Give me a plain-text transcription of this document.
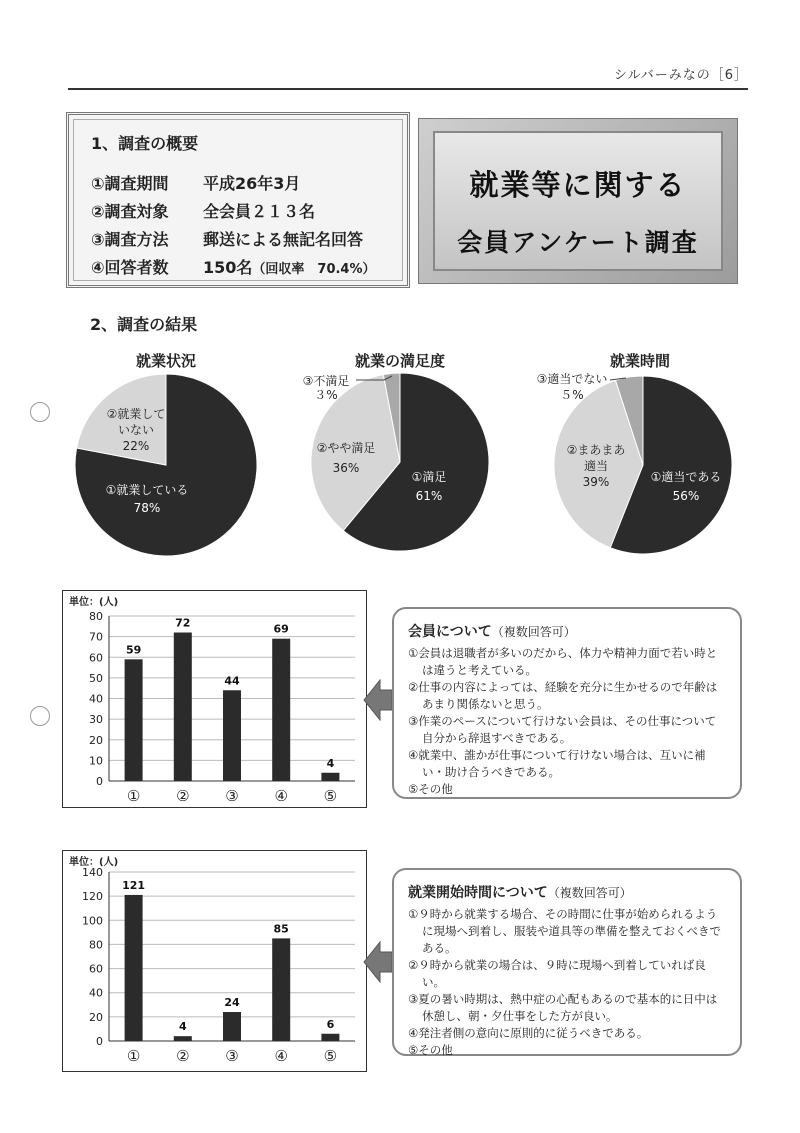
シルバーみなの［6］
1、調査の概要
①調査期間 平成26年3月
②調査対象 全会員２１３名
③調査方法 郵送による無記名回答
④回答者数 150名（回収率　70.4%）
就業等に関する
会員アンケート調査
2、調査の結果
就業状況	就業の満足度	就業時間
①就業している
78%
②就業していない
22%
①満足
61%
②やや満足
36%
③不満足
３%
①適当である
56%
②まあまあ適当
39%
③適当でない
５%
単位：(人)
0
10
20
30
40
50
60
70
80
59
①
72
②
44
③
69
④
4
⑤
会員について（複数回答可）
①会員は退職者が多いのだから、体力や精神力面で若い時とは違うと考えている。
②仕事の内容によっては、経験を充分に生かせるので年齢はあまり関係ないと思う。
③作業のペースについて行けない会員は、その仕事について自分から辞退すべきである。
④就業中、誰かが仕事について行けない場合は、互いに補い・助け合うべきである。
⑤その他
単位：(人)
0
20
40
60
80
100
120
140
121
①
4
②
24
③
85
④
6
⑤
就業開始時間について（複数回答可）
①９時から就業する場合、その時間に仕事が始められるように現場へ到着し、服装や道具等の準備を整えておくべきである。
②９時から就業の場合は、９時に現場へ到着していれば良い。
③夏の暑い時期は、熱中症の心配もあるので基本的に日中は休憩し、朝・夕仕事をした方が良い。
④発注者側の意向に原則的に従うべきである。
⑤その他
